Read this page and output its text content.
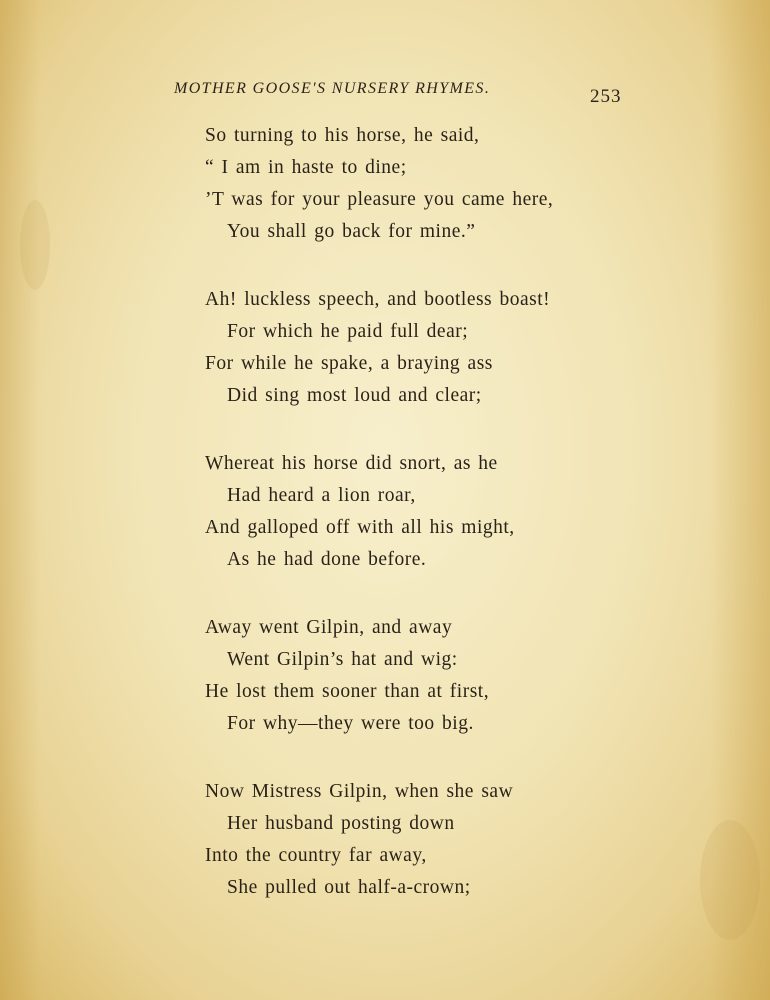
MOTHER GOOSE'S NURSERY RHYMES.	253
So turning to his horse, he said,
“ I am in haste to dine;
’T was for your pleasure you came here,
You shall go back for mine.”
Ah! luckless speech, and bootless boast!
For which he paid full dear;
For while he spake, a braying ass
Did sing most loud and clear;
Whereat his horse did snort, as he
Had heard a lion roar,
And galloped off with all his might,
As he had done before.
Away went Gilpin, and away
Went Gilpin’s hat and wig:
He lost them sooner than at first,
For why—they were too big.
Now Mistress Gilpin, when she saw
Her husband posting down
Into the country far away,
She pulled out half-a-crown;
